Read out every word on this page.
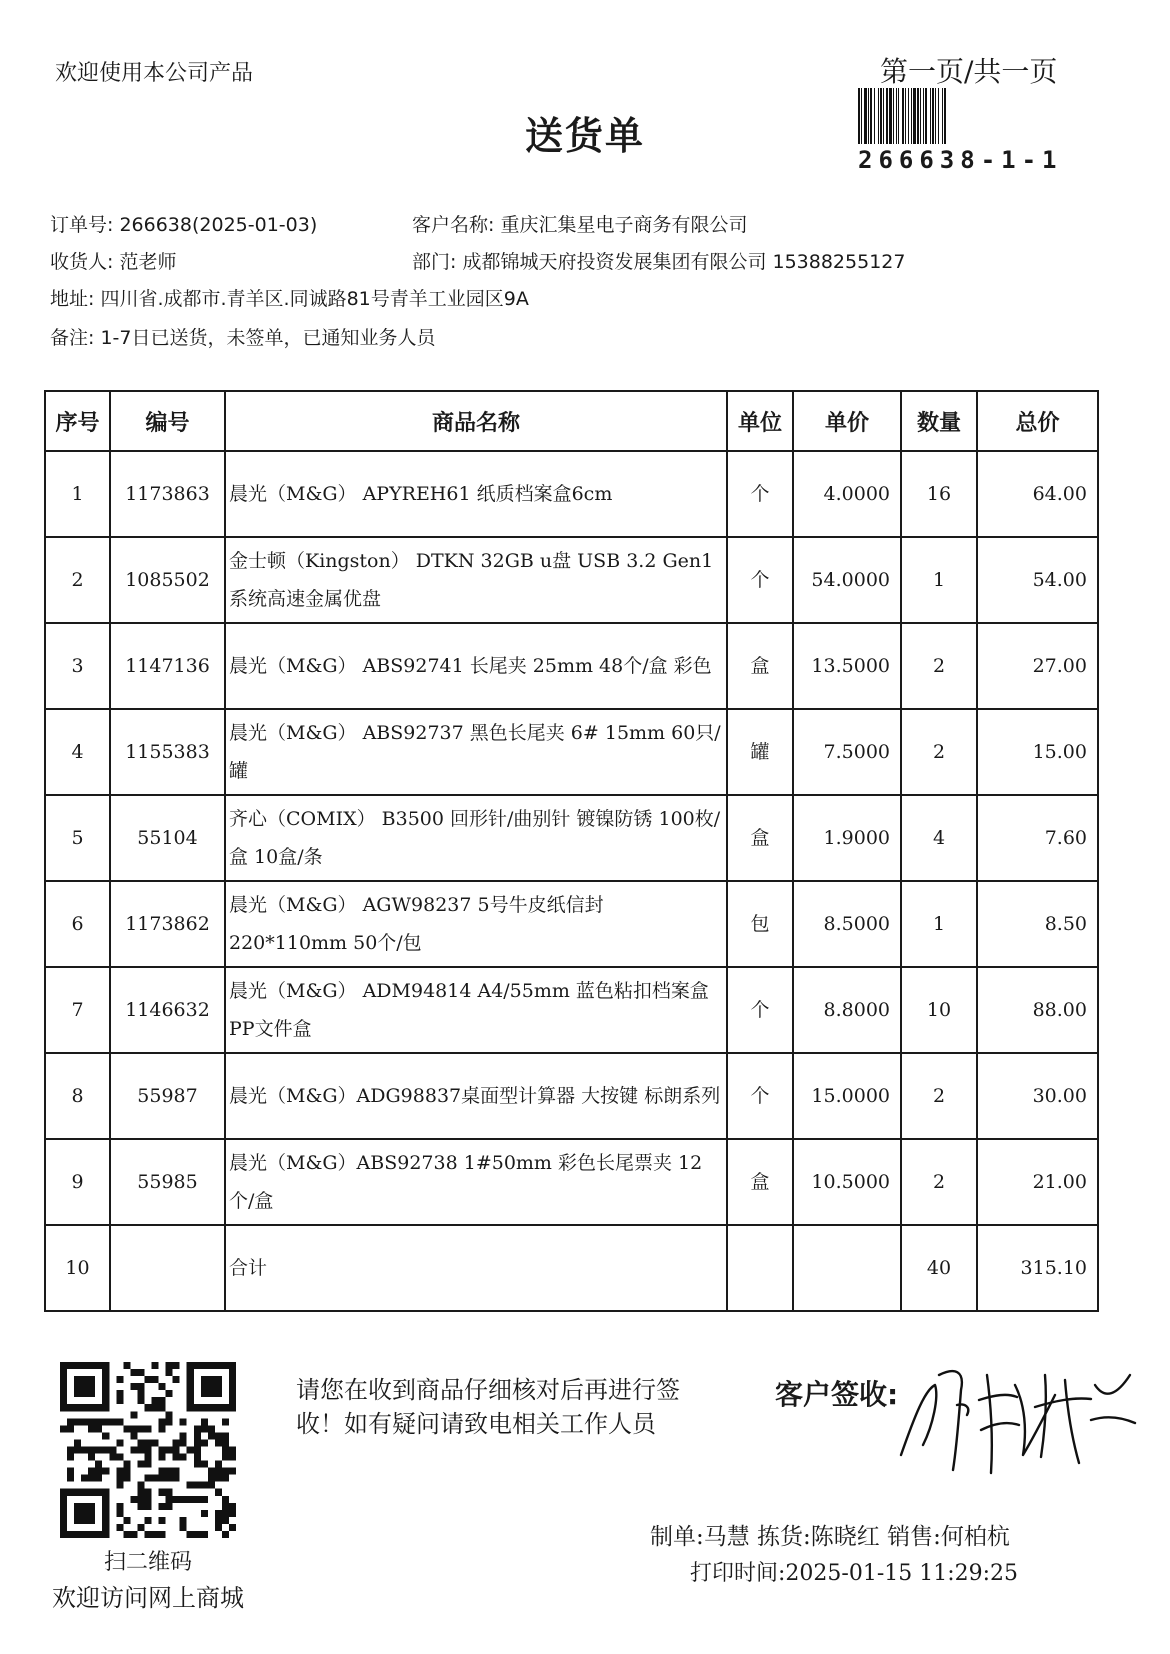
欢迎使用本公司产品	第一页/共一页
266638-1-1
送货单
订单号: 266638(2025-01-03)	客户名称: 重庆汇集星电子商务有限公司
收货人: 范老师	部门: 成都锦城天府投资发展集团有限公司 15388255127
地址: 四川省.成都市.青羊区.同诚路81号青羊工业园区9A
备注: 1-7日已送货，未签单，已通知业务人员
序号	编号	商品名称	单位	单价	数量	总价
1	1173863	晨光（M&G） APYREH61 纸质档案盒6cm	个	4.0000	16	64.00
2	1085502	金士顿（Kingston） DTKN 32GB u盘 USB 3.2 Gen1 系统高速金属优盘	个	54.0000	1	54.00
3	1147136	晨光（M&G） ABS92741 长尾夹 25mm 48个/盒 彩色	盒	13.5000	2	27.00
4	1155383	晨光（M&G） ABS92737 黑色长尾夹 6# 15mm 60只/罐	罐	7.5000	2	15.00
5	55104	齐心（COMIX） B3500 回形针/曲别针 镀镍防锈 100枚/盒 10盒/条	盒	1.9000	4	7.60
6	1173862	晨光（M&G） AGW98237 5号牛皮纸信封 220*110mm 50个/包	包	8.5000	1	8.50
7	1146632	晨光（M&G） ADM94814 A4/55mm 蓝色粘扣档案盒 PP文件盒	个	8.8000	10	88.00
8	55987	晨光（M&G）ADG98837桌面型计算器 大按键 标朗系列	个	15.0000	2	30.00
9	55985	晨光（M&G）ABS92738 1#50mm 彩色长尾票夹 12个/盒	盒	10.5000	2	21.00
10		合计			40	315.10
扫二维码
欢迎访问网上商城
请您在收到商品仔细核对后再进行签收！如有疑问请致电相关工作人员
客户签收:
制单:马慧 拣货:陈晓红 销售:何柏杭
打印时间:2025-01-15 11:29:25
